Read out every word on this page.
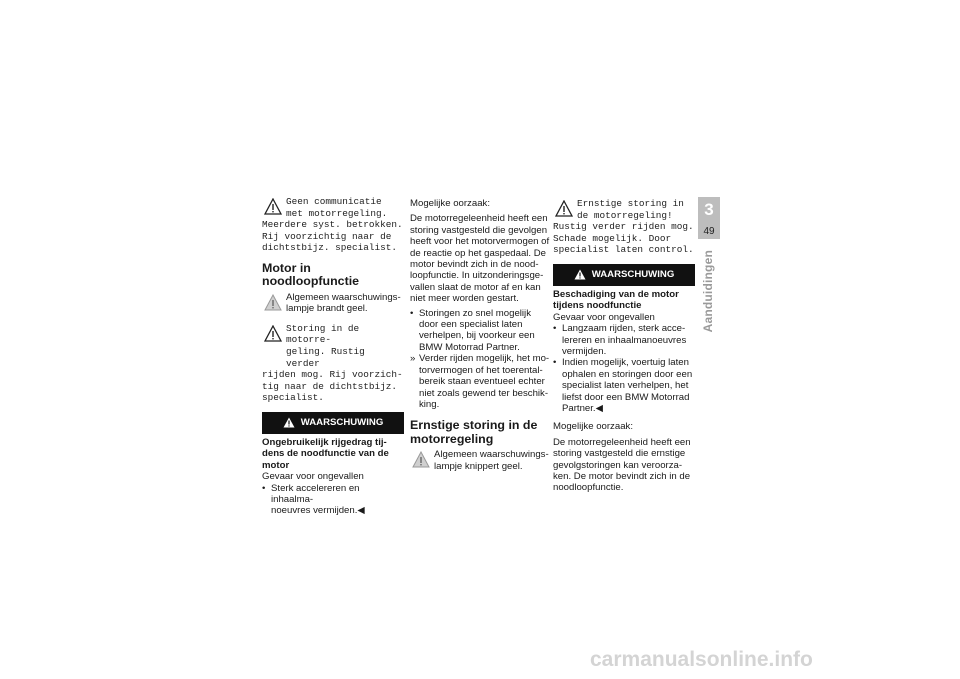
Geen communicatie
met motorregeling.
Meerdere syst. betrokken.
Rij voorzichtig naar de
dichtstbijz. specialist.
Motor in noodloopfunctie
Algemeen waarschuwings-
lampje brandt geel.
Storing in de motorre-
geling. Rustig verder
rijden mog. Rij voorzich-
tig naar de dichtstbijz.
specialist.
WAARSCHUWING

Ongebruikelijk rijgedrag tij-
dens de noodfunctie van de
motor

Gevaar voor ongevallen

• Sterk accelereren en inhaalma-
noeuvres vermijden.◀

Mogelijke oorzaak:

De motorregeleenheid heeft een
storing vastgesteld die gevolgen
heeft voor het motorvermogen of
de reactie op het gaspedaal. De
motor bevindt zich in de nood-
loopfunctie. In uitzonderingsge-
vallen slaat de motor af en kan
niet meer worden gestart.

• Storingen zo snel mogelijk
door een specialist laten
verhelpen, bij voorkeur een
BMW Motorrad Partner.
» Verder rijden mogelijk, het mo-
torvermogen of het toerental-
bereik staan eventueel echter
niet zoals gewend ter beschik-
king.
Ernstige storing in de
motorregeling
Algemeen waarschuwings-
lampje knippert geel.
Ernstige storing in
de motorregeling!
Rustig verder rijden mog.
Schade mogelijk. Door
specialist laten control.
WAARSCHUWING

Beschadiging van de motor
tijdens noodfunctie

Gevaar voor ongevallen

• Langzaam rijden, sterk acce-
lereren en inhaalmanoeuvres
vermijden.
• Indien mogelijk, voertuig laten
ophalen en storingen door een
specialist laten verhelpen, het
liefst door een BMW Motorrad
Partner.◀

Mogelijke oorzaak:

De motorregeleenheid heeft een
storing vastgesteld die ernstige
gevolgstoringen kan veroorza-
ken. De motor bevindt zich in de
noodloopfunctie.

3
49
Aanduidingen
carmanualsonline.info
